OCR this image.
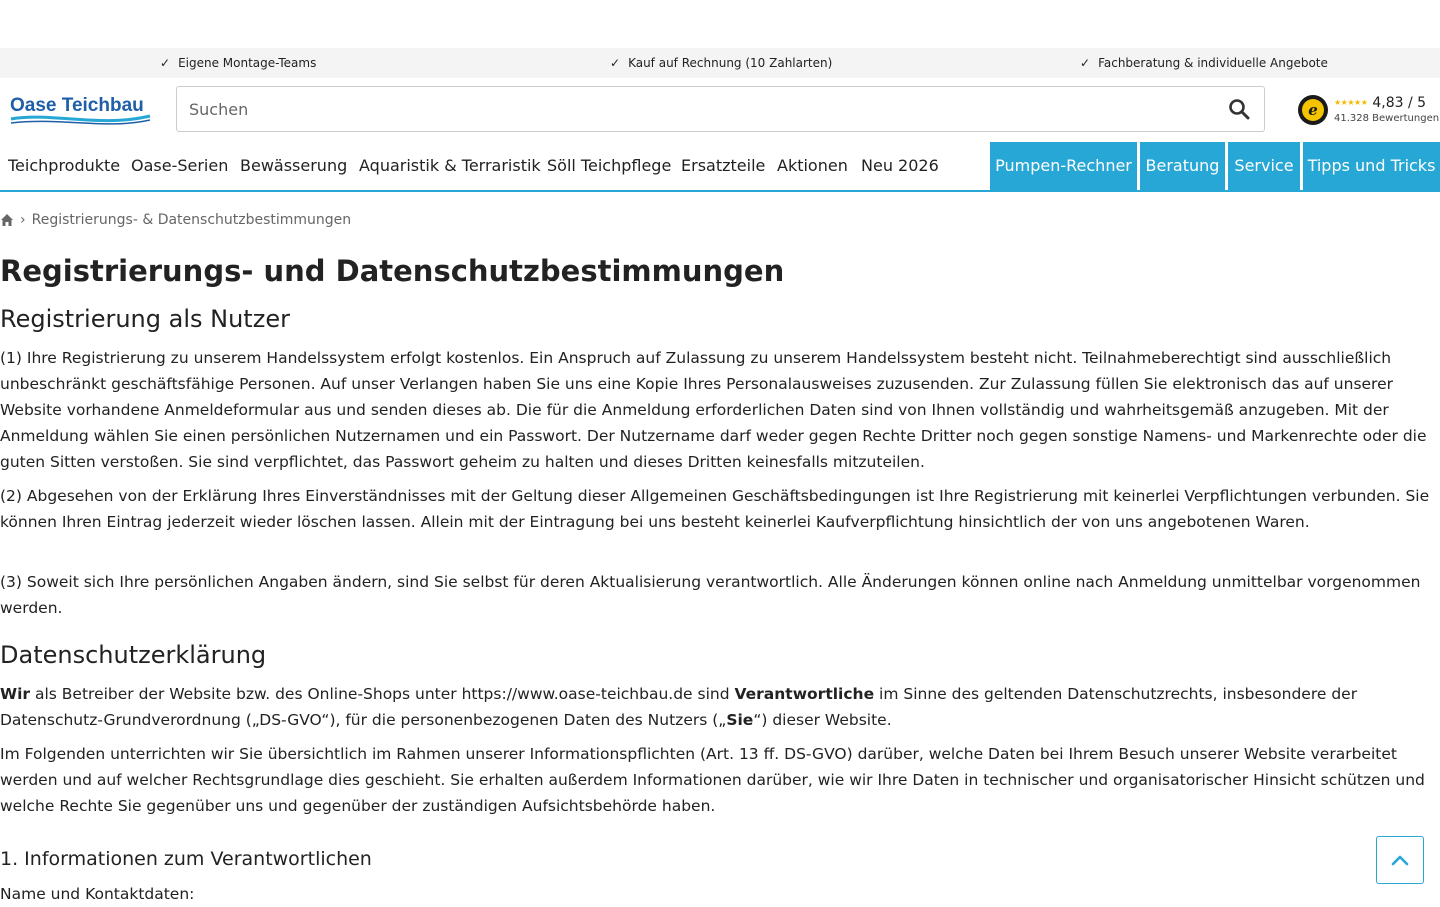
✓ Eigene Montage-Teams	✓ Kauf auf Rechnung (10 Zahlarten)	✓ Fachberatung & individuelle Angebote
Oase Teichbau
Suchen	e	★★★★★ 4,83 / 5
41.328 Bewertungen
Teichprodukte Oase-Serien Bewässerung Aquaristik & Terraristik Söll Teichpflege Ersatzteile Aktionen Neu 2026	Pumpen-Rechner Beratung Service Tipps und Tricks
› Registrierungs- & Datenschutzbestimmungen
Registrierungs- und Datenschutzbestimmungen
Registrierung als Nutzer

(1) Ihre Registrierung zu unserem Handelssystem erfolgt kostenlos. Ein Anspruch auf Zulassung zu unserem Handelssystem besteht nicht. Teilnahmeberechtigt sind ausschließlich unbeschränkt geschäftsfähige Personen. Auf unser Verlangen haben Sie uns eine Kopie Ihres Personalausweises zuzusenden. Zur Zulassung füllen Sie elektronisch das auf unserer Website vorhandene Anmeldeformular aus und senden dieses ab. Die für die Anmeldung erforderlichen Daten sind von Ihnen vollständig und wahrheitsgemäß anzugeben. Mit der Anmeldung wählen Sie einen persönlichen Nutzernamen und ein Passwort. Der Nutzername darf weder gegen Rechte Dritter noch gegen sonstige Namens- und Markenrechte oder die guten Sitten verstoßen. Sie sind verpflichtet, das Passwort geheim zu halten und dieses Dritten keinesfalls mitzuteilen.

(2) Abgesehen von der Erklärung Ihres Einverständnisses mit der Geltung dieser Allgemeinen Geschäftsbedingungen ist Ihre Registrierung mit keinerlei Verpflichtungen verbunden. Sie können Ihren Eintrag jederzeit wieder löschen lassen. Allein mit der Eintragung bei uns besteht keinerlei Kaufverpflichtung hinsichtlich der von uns angebotenen Waren.

(3) Soweit sich Ihre persönlichen Angaben ändern, sind Sie selbst für deren Aktualisierung verantwortlich. Alle Änderungen können online nach Anmeldung unmittelbar vorgenommen werden.

Datenschutzerklärung

Wir als Betreiber der Website bzw. des Online-Shops unter https://www.oase-teichbau.de sind Verantwortliche im Sinne des geltenden Datenschutzrechts, insbesondere der Datenschutz-Grundverordnung („DS-GVO“), für die personenbezogenen Daten des Nutzers („Sie“) dieser Website.

Im Folgenden unterrichten wir Sie übersichtlich im Rahmen unserer Informationspflichten (Art. 13 ff. DS-GVO) darüber, welche Daten bei Ihrem Besuch unserer Website verarbeitet werden und auf welcher Rechtsgrundlage dies geschieht. Sie erhalten außerdem Informationen darüber, wie wir Ihre Daten in technischer und organisatorischer Hinsicht schützen und welche Rechte Sie gegenüber uns und gegenüber der zuständigen Aufsichtsbehörde haben.

1. Informationen zum Verantwortlichen

Name und Kontaktdaten:
